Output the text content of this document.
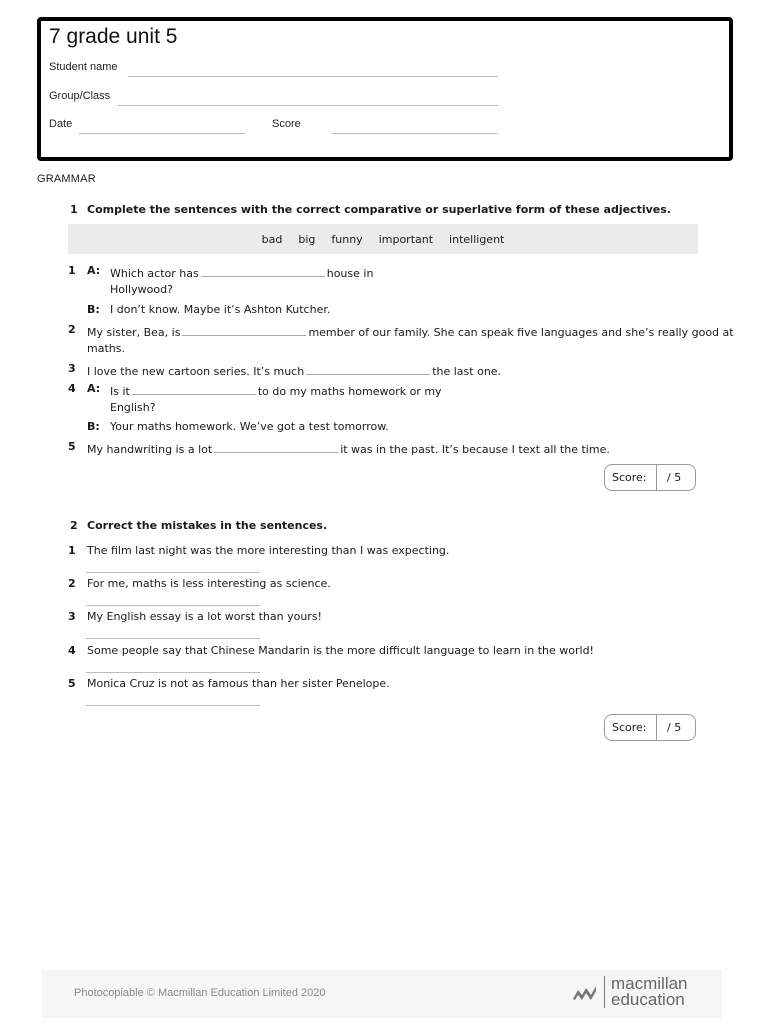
7 grade unit 5
Student name
Group/Class
Date	Score
GRAMMAR
1 Complete the sentences with the correct comparative or superlative form of these adjectives.
bad big funny important intelligent
1 A: Which actor has	house in
Hollywood?
B: I don’t know. Maybe it’s Ashton Kutcher.
2 My sister, Bea, is	member of our family. She can speak five languages and she’s really good at
maths.
3 I love the new cartoon series. It’s much	the last one.
4 A: Is it	to do my maths homework or my
English?
B: Your maths homework. We’ve got a test tomorrow.
5 My handwriting is a lot	it was in the past. It’s because I text all the time.
Score:	/ 5
2 Correct the mistakes in the sentences.
1 The film last night was the more interesting than I was expecting.
2 For me, maths is less interesting as science.
3 My English essay is a lot worst than yours!
4 Some people say that Chinese Mandarin is the more difficult language to learn in the world!
5 Monica Cruz is not as famous than her sister Penelope.
Score:	/ 5
Photocopiable © Macmillan Education Limited 2020	macmillan
education
